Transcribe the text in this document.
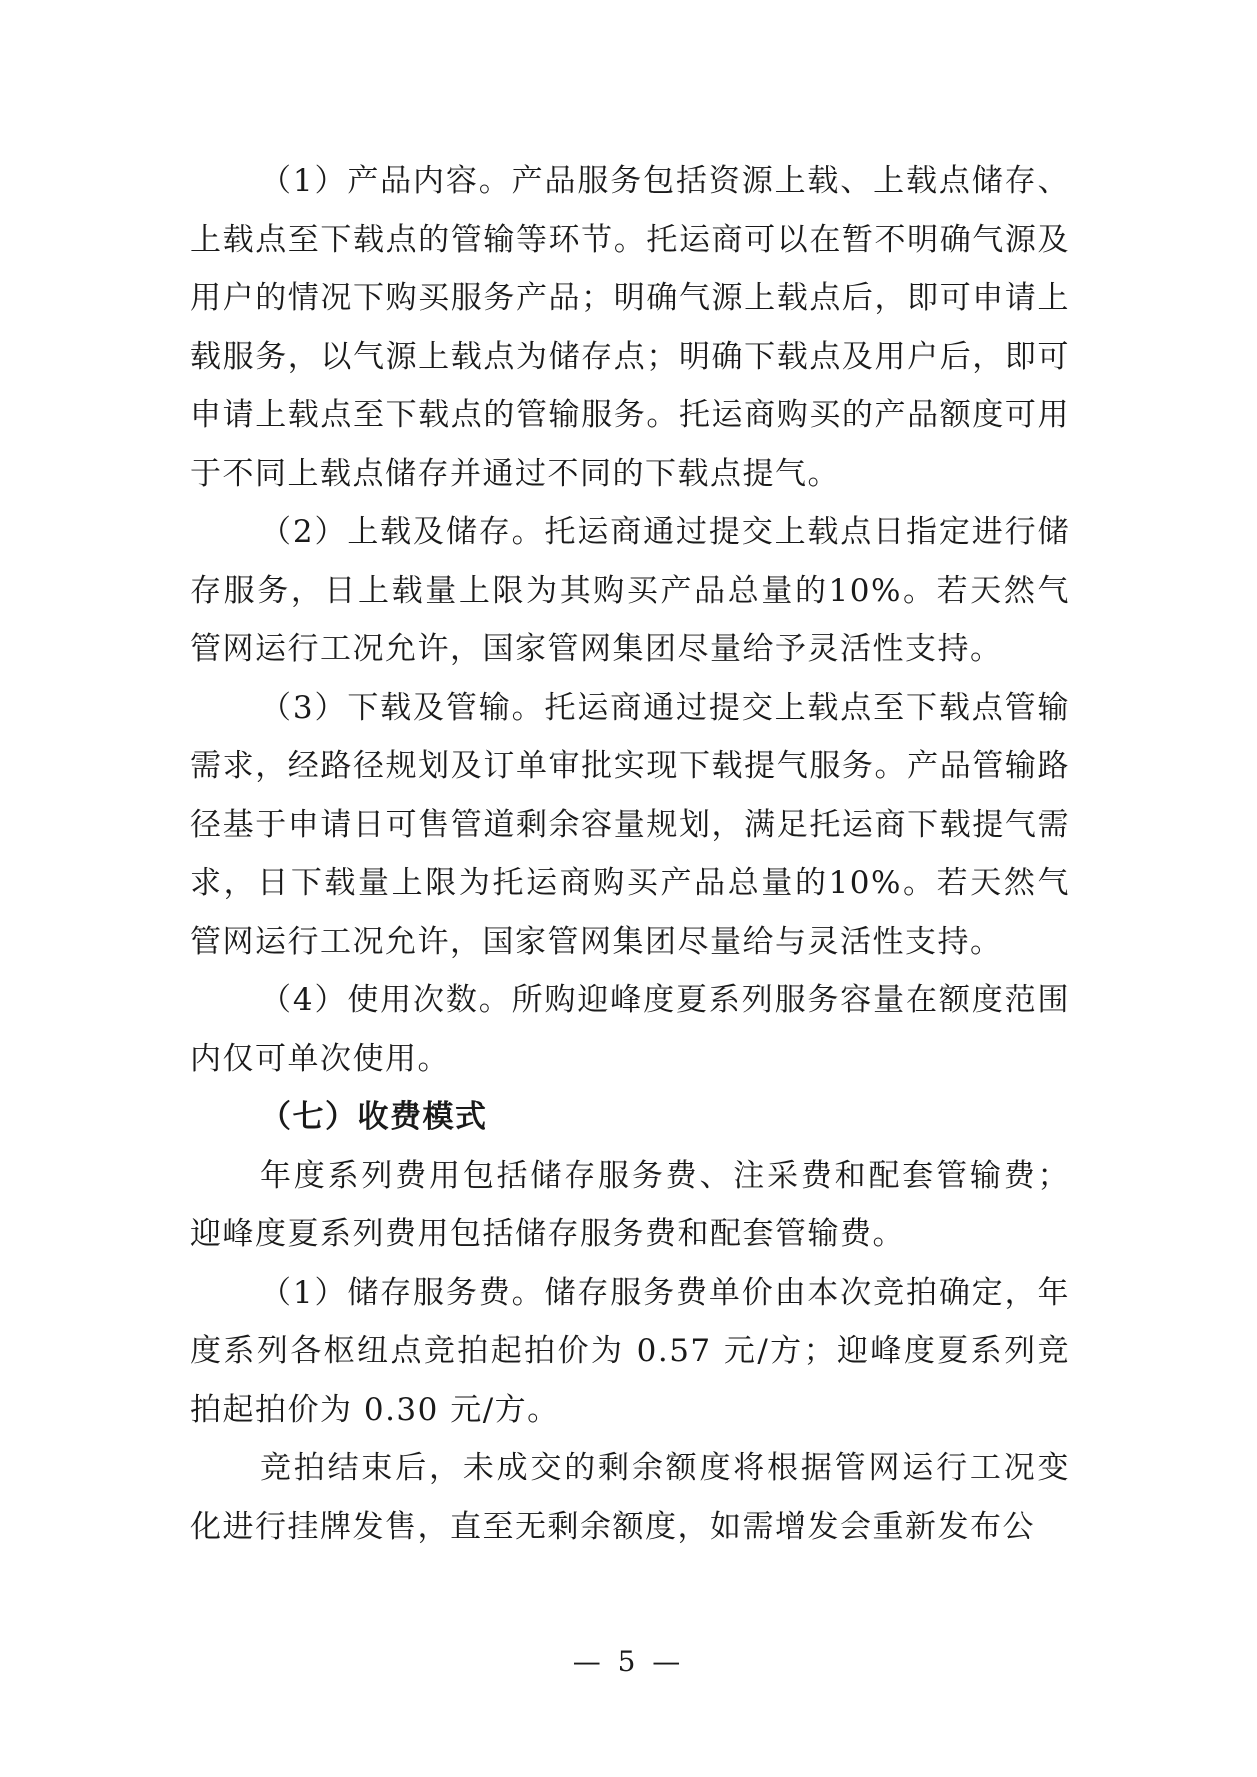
（1）产品内容。产品服务包括资源上载、上载点储存、上载点至下载点的管输等环节。托运商可以在暂不明确气源及用户的情况下购买服务产品；明确气源上载点后，即可申请上载服务，以气源上载点为储存点；明确下载点及用户后，即可申请上载点至下载点的管输服务。托运商购买的产品额度可用于不同上载点储存并通过不同的下载点提气。

（2）上载及储存。托运商通过提交上载点日指定进行储存服务，日上载量上限为其购买产品总量的10%。若天然气管网运行工况允许，国家管网集团尽量给予灵活性支持。

（3）下载及管输。托运商通过提交上载点至下载点管输需求，经路径规划及订单审批实现下载提气服务。产品管输路径基于申请日可售管道剩余容量规划，满足托运商下载提气需求，日下载量上限为托运商购买产品总量的10%。若天然气管网运行工况允许，国家管网集团尽量给与灵活性支持。

（4）使用次数。所购迎峰度夏系列服务容量在额度范围内仅可单次使用。

（七）收费模式

年度系列费用包括储存服务费、注采费和配套管输费；迎峰度夏系列费用包括储存服务费和配套管输费。

（1）储存服务费。储存服务费单价由本次竞拍确定，年度系列各枢纽点竞拍起拍价为 0.57 元/方；迎峰度夏系列竞拍起拍价为 0.30 元/方。

竞拍结束后，未成交的剩余额度将根据管网运行工况变化进行挂牌发售，直至无剩余额度，如需增发会重新发布公

— 5 —
